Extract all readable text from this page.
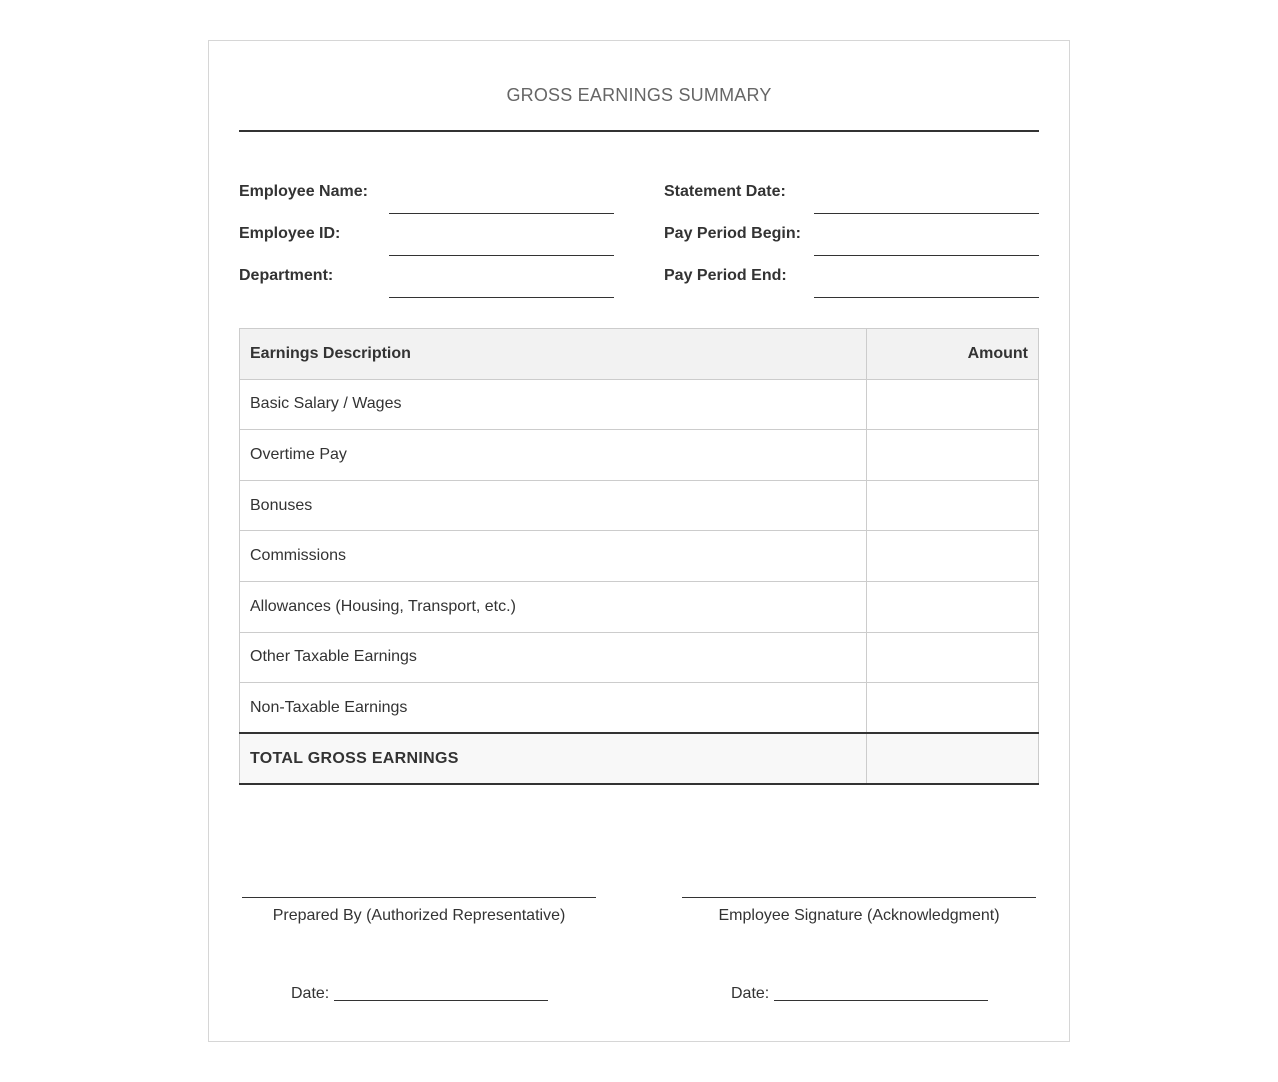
GROSS EARNINGS SUMMARY
Employee Name:	Statement Date:
Employee ID:	Pay Period Begin:
Department:	Pay Period End:
Earnings Description	Amount
Basic Salary / Wages	
Overtime Pay	
Bonuses	
Commissions	
Allowances (Housing, Transport, etc.)	
Other Taxable Earnings	
Non-Taxable Earnings	
TOTAL GROSS EARNINGS	
Prepared By (Authorized Representative)	Employee Signature (Acknowledgment)
Date:	Date:
